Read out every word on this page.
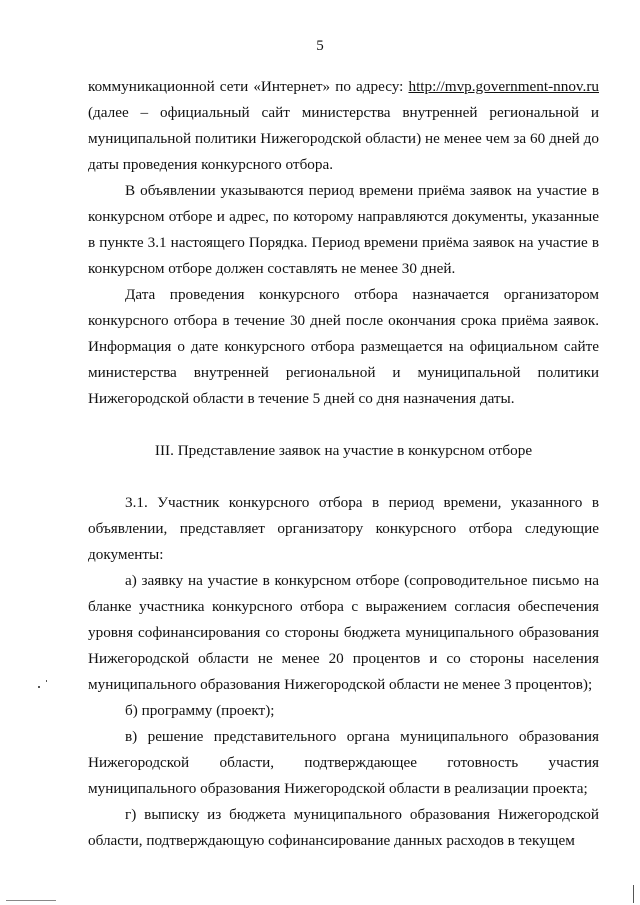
5

коммуникационной сети «Интернет» по адресу: http://mvp.government-nnov.ru (далее – официальный сайт министерства внутренней региональной и муниципальной политики Нижегородской области) не менее чем за 60 дней до даты проведения конкурсного отбора.

В объявлении указываются период времени приёма заявок на участие в конкурсном отборе и адрес, по которому направляются документы, указанные в пункте 3.1 настоящего Порядка. Период времени приёма заявок на участие в конкурсном отборе должен составлять не менее 30 дней.

Дата проведения конкурсного отбора назначается организатором конкурсного отбора в течение 30 дней после окончания срока приёма заявок. Информация о дате конкурсного отбора размещается на официальном сайте министерства внутренней региональной и муниципальной политики Нижегородской области в течение 5 дней со дня назначения даты.

III. Представление заявок на участие в конкурсном отборе

3.1. Участник конкурсного отбора в период времени, указанного в объявлении, представляет организатору конкурсного отбора следующие документы:

а) заявку на участие в конкурсном отборе (сопроводительное письмо на бланке участника конкурсного отбора с выражением согласия обеспечения уровня софинансирования со стороны бюджета муниципального образования Нижегородской области не менее 20 процентов и со стороны населения муниципального образования Нижегородской области не менее 3 процентов);

б) программу (проект);

в) решение представительного органа муниципального образования Нижегородской области, подтверждающее готовность участия муниципального образования Нижегородской области в реализации проекта;

г) выписку из бюджета муниципального образования Нижегородской области, подтверждающую софинансирование данных расходов в текущем
